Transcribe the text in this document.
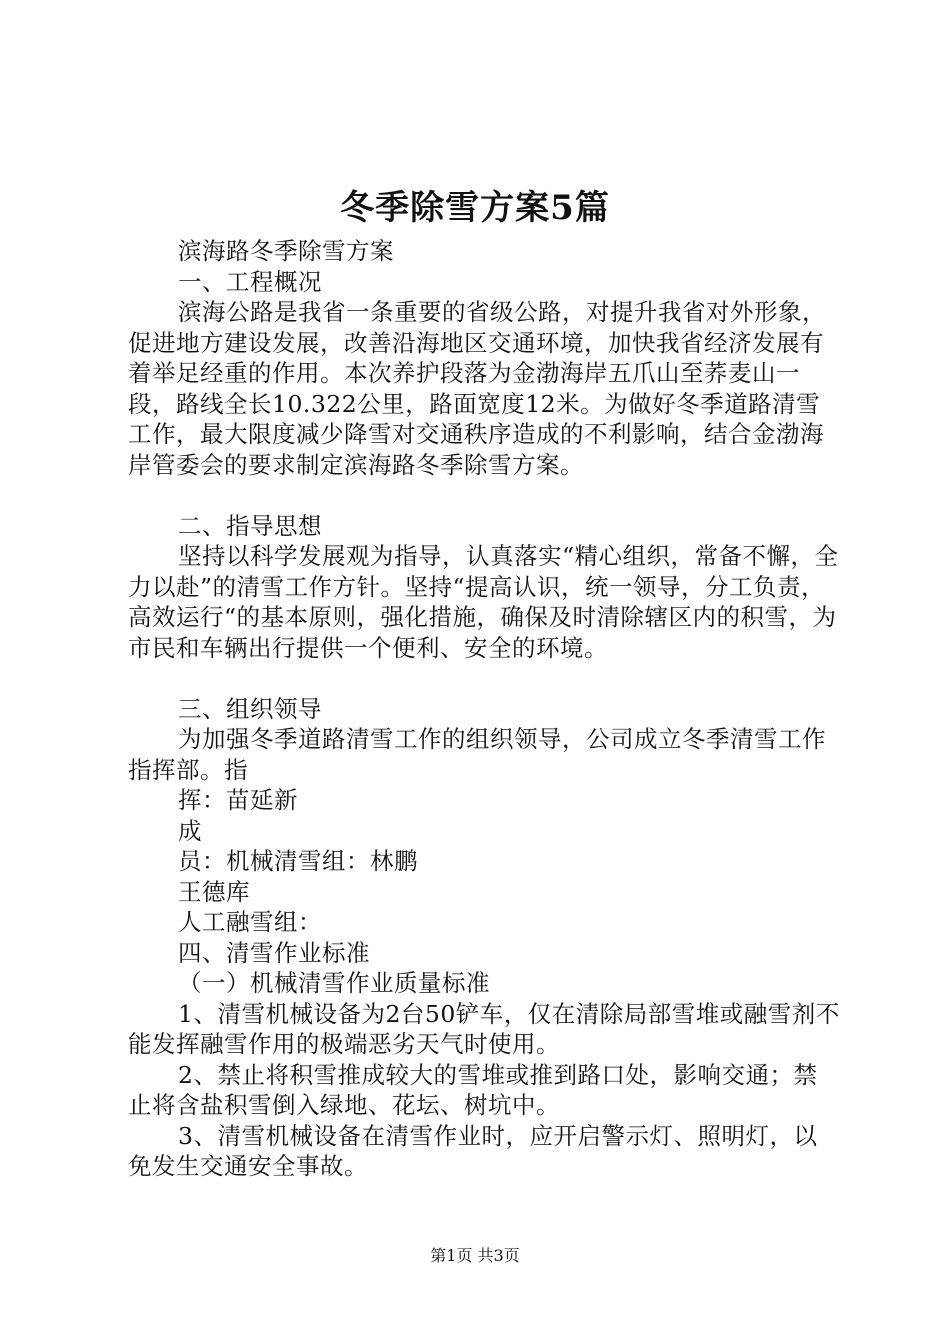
冬季除雪方案5篇

滨海路冬季除雪方案

一、工程概况

滨海公路是我省一条重要的省级公路，对提升我省对外形象，促进地方建设发展，改善沿海地区交通环境，加快我省经济发展有着举足经重的作用。本次养护段落为金渤海岸五爪山至荞麦山一段，路线全长10.322公里，路面宽度12米。为做好冬季道路清雪工作，最大限度减少降雪对交通秩序造成的不利影响，结合金渤海岸管委会的要求制定滨海路冬季除雪方案。

二、指导思想

坚持以科学发展观为指导，认真落实“精心组织，常备不懈，全力以赴”的清雪工作方针。坚持“提高认识，统一领导，分工负责，高效运行“的基本原则，强化措施，确保及时清除辖区内的积雪，为市民和车辆出行提供一个便利、安全的环境。

三、组织领导

为加强冬季道路清雪工作的组织领导，公司成立冬季清雪工作指挥部。指

挥：苗延新

成

员：机械清雪组：林鹏

王德库

人工融雪组：

四、清雪作业标准

（一）机械清雪作业质量标准

1、清雪机械设备为2台50铲车，仅在清除局部雪堆或融雪剂不能发挥融雪作用的极端恶劣天气时使用。

2、禁止将积雪推成较大的雪堆或推到路口处，影响交通；禁止将含盐积雪倒入绿地、花坛、树坑中。

3、清雪机械设备在清雪作业时，应开启警示灯、照明灯，以免发生交通安全事故。

第1页 共3页
